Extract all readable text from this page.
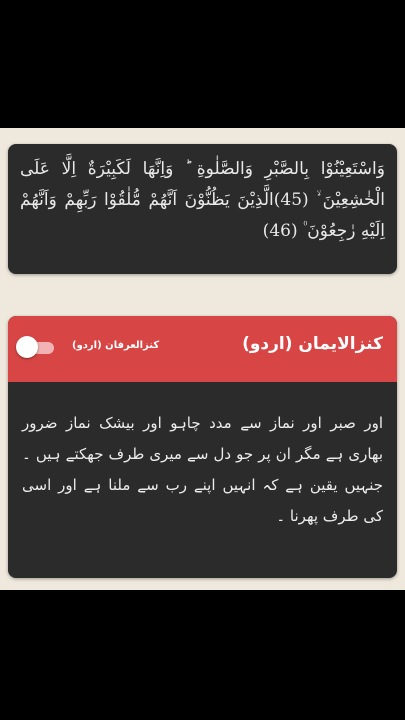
وَاسْتَعِیْنُوْا بِالصَّبْرِ وَالصَّلٰوةِ ؕ وَاِنَّهَا لَكَبِیْرَةٌ اِلَّا عَلَى الْخٰشِعِیْنَ ۙ (45)الَّذِیْنَ یَظُنُّوْنَ اَنَّهُمْ مُّلٰقُوْا رَبِّهِمْ وَاَنَّهُمْ اِلَیْهِ رٰجِعُوْنَ ۠ (46)

کنزالعرفان (اردو)	کنزالایمان (اردو)

اور صبر اور نماز سے مدد چاہو اور بیشک نماز ضرور بھاری ہے مگر ان پر جو دل سے میری طرف جھکتے ہیں ۔ جنہیں یقین ہے کہ انہیں اپنے رب سے ملنا ہے اور اسی کی طرف پھرنا ۔
